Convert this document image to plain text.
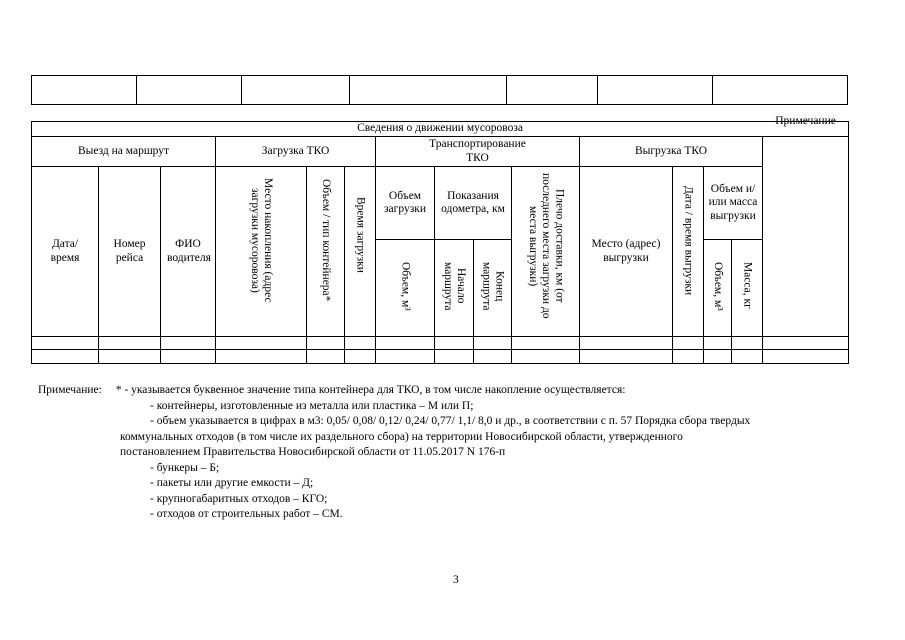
Сведения о движении мусоровоза														
Выезд на маршрут			Загрузка ТКО			Транспортирование ТКО				Выгрузка ТКО				Примечание

Дата/ время	Номер рейса	ФИО водителя	Место накопления (адрес загрузки мусоровоза)	Объем / тип контейнера*	Время загрузки	Объем загрузки	Показания одометра, км		Плечо доставки, км (от последнего места загрузки до места выгрузки)	Место (адрес) выгрузки	Дата / время выгрузки	Объем и/или масса выгрузки		
						Объем, м³	Начало маршрута	Конец маршрута				Объем, м³	Масса, кг	

Примечание: * - указывается буквенное значение типа контейнера для ТКО, в том числе накопление осуществляется:

- контейнеры, изготовленные из металла или пластика – М или П;

- объем указывается в цифрах в м3: 0,05/ 0,08/ 0,12/ 0,24/ 0,77/ 1,1/ 8,0 и др., в соответствии с п. 57 Порядка сбора твердых

коммунальных отходов (в том числе их раздельного сбора) на территории Новосибирской области, утвержденного

постановлением Правительства Новосибирской области от 11.05.2017 N 176-п

- бункеры – Б;

- пакеты или другие емкости – Д;

- крупногабаритных отходов – КГО;

- отходов от строительных работ – СМ.

3
